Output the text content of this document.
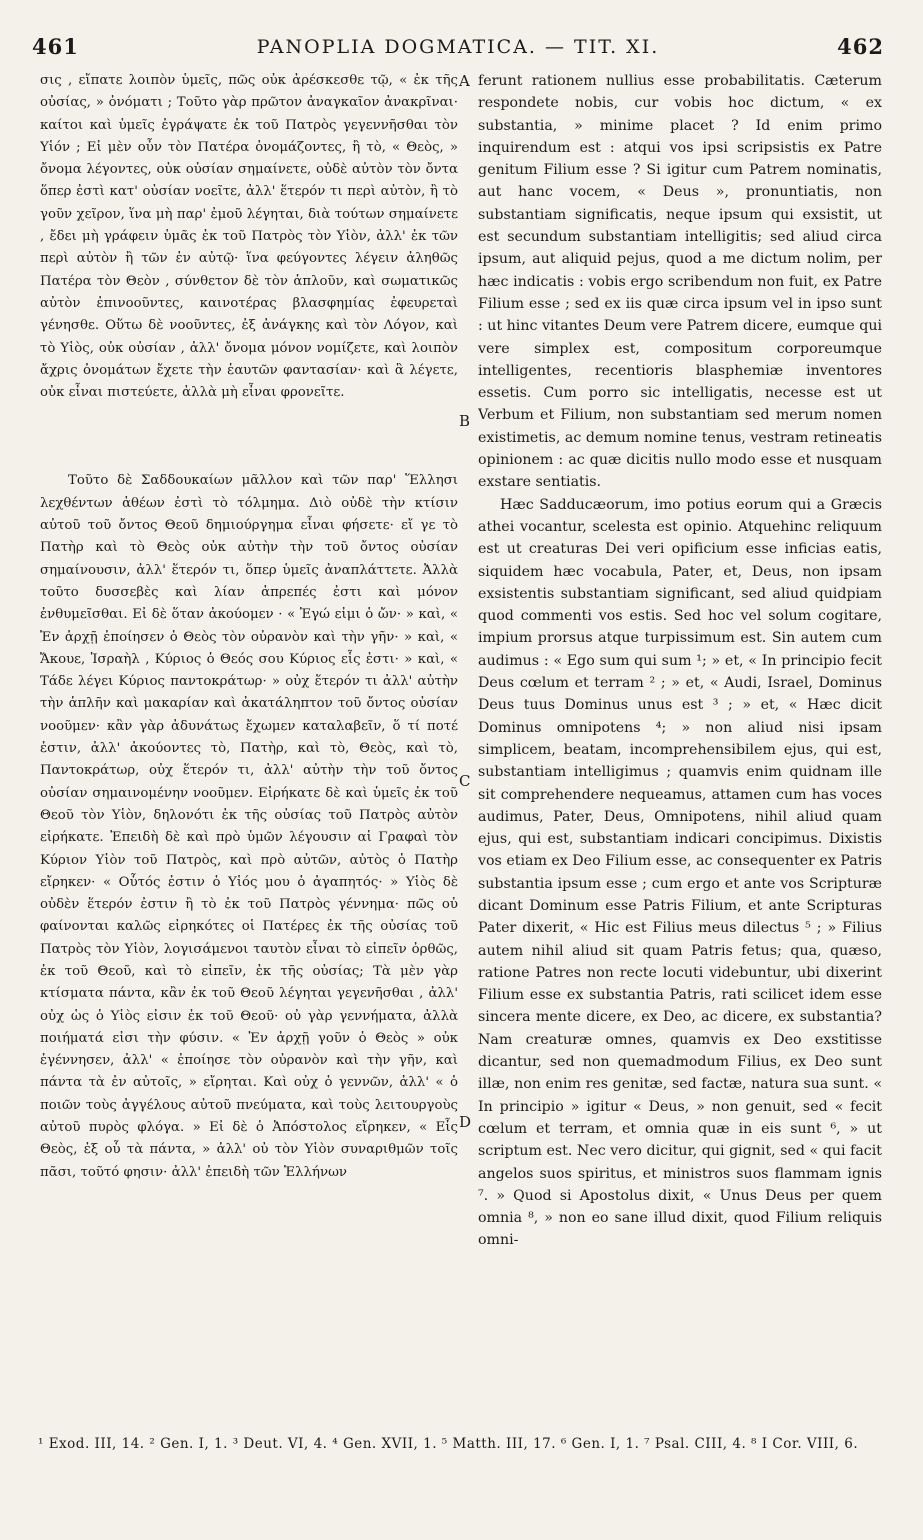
461	PANOPLIA DOGMATICA. — TIT. XI.	462

σις , εἴπατε λοιπὸν ὑμεῖς, πῶς οὐκ ἀρέσκεσθε τῷ, « ἐκ τῆς οὐσίας, » ὀνόματι ; Τοῦτο γὰρ πρῶτον ἀναγκαῖον ἀνακρῖναι· καίτοι καὶ ὑμεῖς ἐγράψατε ἐκ τοῦ Πατρὸς γεγεννῆσθαι τὸν Υἱόν ; Εἰ μὲν οὖν τὸν Πατέρα ὀνομάζοντες, ἢ τὸ, « Θεὸς, » ὄνομα λέγοντες, οὐκ οὐσίαν σημαίνετε, οὐδὲ αὐτὸν τὸν ὄντα ὅπερ ἐστὶ κατ' οὐσίαν νοεῖτε, ἀλλ' ἕτερόν τι περὶ αὐτὸν, ἢ τὸ γοῦν χεῖρον, ἵνα μὴ παρ' ἐμοῦ λέγηται, διὰ τούτων σημαίνετε , ἔδει μὴ γράφειν ὑμᾶς ἐκ τοῦ Πατρὸς τὸν Υἱὸν, ἀλλ' ἐκ τῶν περὶ αὐτὸν ἢ τῶν ἐν αὐτῷ· ἵνα φεύγοντες λέγειν ἀληθῶς Πατέρα τὸν Θεὸν , σύνθετον δὲ τὸν ἁπλοῦν, καὶ σωματικῶς αὐτὸν ἐπινοοῦντες, καινοτέρας βλασφημίας ἐφευρεταὶ γένησθε. Οὕτω δὲ νοοῦντες, ἐξ ἀνάγκης καὶ τὸν Λόγον, καὶ τὸ Υἱὸς, οὐκ οὐσίαν , ἀλλ' ὄνομα μόνον νομίζετε, καὶ λοιπὸν ἄχρις ὀνομάτων ἔχετε τὴν ἑαυτῶν φαντασίαν· καὶ ἃ λέγετε, οὐκ εἶναι πιστεύετε, ἀλλὰ μὴ εἶναι φρονεῖτε.

Τοῦτο δὲ Σαδδουκαίων μᾶλλον καὶ τῶν παρ' Ἕλλησι λεχθέντων ἀθέων ἐστὶ τὸ τόλμημα. Διὸ οὐδὲ τὴν κτίσιν αὐτοῦ τοῦ ὄντος Θεοῦ δημιούργημα εἶναι φήσετε· εἴ γε τὸ Πατὴρ καὶ τὸ Θεὸς οὐκ αὐτὴν τὴν τοῦ ὄντος οὐσίαν σημαίνουσιν, ἀλλ' ἕτερόν τι, ὅπερ ὑμεῖς ἀναπλάττετε. Ἀλλὰ τοῦτο δυσσεβὲς καὶ λίαν ἀπρεπές ἐστι καὶ μόνον ἐνθυμεῖσθαι. Εἰ δὲ ὅταν ἀκούομεν · « Ἐγώ εἰμι ὁ ὤν· » καὶ, « Ἐν ἀρχῇ ἐποίησεν ὁ Θεὸς τὸν οὐρανὸν καὶ τὴν γῆν· » καὶ, « Ἄκουε, Ἰσραὴλ , Κύριος ὁ Θεός σου Κύριος εἷς ἐστι· » καὶ, « Τάδε λέγει Κύριος παντοκράτωρ· » οὐχ ἕτερόν τι ἀλλ' αὐτὴν τὴν ἁπλῆν καὶ μακαρίαν καὶ ἀκατάληπτον τοῦ ὄντος οὐσίαν νοοῦμεν· κἂν γὰρ ἀδυνάτως ἔχωμεν καταλαβεῖν, ὅ τί ποτέ ἐστιν, ἀλλ' ἀκούοντες τὸ, Πατὴρ, καὶ τὸ, Θεὸς, καὶ τὸ, Παντοκράτωρ, οὐχ ἕτερόν τι, ἀλλ' αὐτὴν τὴν τοῦ ὄντος οὐσίαν σημαινομένην νοοῦμεν. Εἰρήκατε δὲ καὶ ὑμεῖς ἐκ τοῦ Θεοῦ τὸν Υἱὸν, δηλονότι ἐκ τῆς οὐσίας τοῦ Πατρὸς αὐτὸν εἰρήκατε. Ἐπειδὴ δὲ καὶ πρὸ ὑμῶν λέγουσιν αἱ Γραφαὶ τὸν Κύριον Υἱὸν τοῦ Πατρὸς, καὶ πρὸ αὐτῶν, αὐτὸς ὁ Πατὴρ εἴρηκεν· « Οὗτός ἐστιν ὁ Υἱός μου ὁ ἀγαπητός· » Υἱὸς δὲ οὐδὲν ἕτερόν ἐστιν ἢ τὸ ἐκ τοῦ Πατρὸς γέννημα· πῶς οὐ φαίνονται καλῶς εἰρηκότες οἱ Πατέρες ἐκ τῆς οὐσίας τοῦ Πατρὸς τὸν Υἱὸν, λογισάμενοι ταυτὸν εἶναι τὸ εἰπεῖν ὀρθῶς, ἐκ τοῦ Θεοῦ, καὶ τὸ εἰπεῖν, ἐκ τῆς οὐσίας; Τὰ μὲν γὰρ κτίσματα πάντα, κἂν ἐκ τοῦ Θεοῦ λέγηται γεγενῆσθαι , ἀλλ' οὐχ ὡς ὁ Υἱὸς εἰσιν ἐκ τοῦ Θεοῦ· οὐ γὰρ γεννήματα, ἀλλὰ ποιήματά εἰσι τὴν φύσιν. « Ἐν ἀρχῇ γοῦν ὁ Θεὸς » οὐκ ἐγέννησεν, ἀλλ' « ἐποίησε τὸν οὐρανὸν καὶ τὴν γῆν, καὶ πάντα τὰ ἐν αὐτοῖς, » εἴρηται. Καὶ οὐχ ὁ γεννῶν, ἀλλ' « ὁ ποιῶν τοὺς ἀγγέλους αὐτοῦ πνεύματα, καὶ τοὺς λειτουργοὺς αὐτοῦ πυρὸς φλόγα. » Εἰ δὲ ὁ Ἀπόστολος εἴρηκεν, « Εἷς Θεὸς, ἐξ οὗ τὰ πάντα, » ἀλλ' οὐ τὸν Υἱὸν συναριθμῶν τοῖς πᾶσι, τοῦτό φησιν· ἀλλ' ἐπειδὴ τῶν Ἑλλήνων

A
B
C
D

ferunt rationem nullius esse probabilitatis. Cæterum respondete nobis, cur vobis hoc dictum, « ex substantia, » minime placet ? Id enim primo inquirendum est : atqui vos ipsi scripsistis ex Patre genitum Filium esse ? Si igitur cum Patrem nominatis, aut hanc vocem, « Deus », pronuntiatis, non substantiam significatis, neque ipsum qui exsistit, ut est secundum substantiam intelligitis; sed aliud circa ipsum, aut aliquid pejus, quod a me dictum nolim, per hæc indicatis : vobis ergo scribendum non fuit, ex Patre Filium esse ; sed ex iis quæ circa ipsum vel in ipso sunt : ut hinc vitantes Deum vere Patrem dicere, eumque qui vere simplex est, compositum corporeumque intelligentes, recentioris blasphemiæ inventores essetis. Cum porro sic intelligatis, necesse est ut Verbum et Filium, non substantiam sed merum nomen existimetis, ac demum nomine tenus, vestram retineatis opinionem : ac quæ dicitis nullo modo esse et nusquam exstare sentiatis.

Hæc Sadducæorum, imo potius eorum qui a Græcis athei vocantur, scelesta est opinio. Atquehinc reliquum est ut creaturas Dei veri opificium esse inficias eatis, siquidem hæc vocabula, Pater, et, Deus, non ipsam exsistentis substantiam significant, sed aliud quidpiam quod commenti vos estis. Sed hoc vel solum cogitare, impium prorsus atque turpissimum est. Sin autem cum audimus : « Ego sum qui sum ¹; » et, « In principio fecit Deus cœlum et terram ² ; » et, « Audi, Israel, Dominus Deus tuus Dominus unus est ³ ; » et, « Hæc dicit Dominus omnipotens ⁴; » non aliud nisi ipsam simplicem, beatam, incomprehensibilem ejus, qui est, substantiam intelligimus ; quamvis enim quidnam ille sit comprehendere nequeamus, attamen cum has voces audimus, Pater, Deus, Omnipotens, nihil aliud quam ejus, qui est, substantiam indicari concipimus. Dixistis vos etiam ex Deo Filium esse, ac consequenter ex Patris substantia ipsum esse ; cum ergo et ante vos Scripturæ dicant Dominum esse Patris Filium, et ante Scripturas Pater dixerit, « Hic est Filius meus dilectus ⁵ ; » Filius autem nihil aliud sit quam Patris fetus; qua, quæso, ratione Patres non recte locuti videbuntur, ubi dixerint Filium esse ex substantia Patris, rati scilicet idem esse sincera mente dicere, ex Deo, ac dicere, ex substantia? Nam creaturæ omnes, quamvis ex Deo exstitisse dicantur, sed non quemadmodum Filius, ex Deo sunt illæ, non enim res genitæ, sed factæ, natura sua sunt. « In principio » igitur « Deus, » non genuit, sed « fecit cœlum et terram, et omnia quæ in eis sunt ⁶, » ut scriptum est. Nec vero dicitur, qui gignit, sed « qui facit angelos suos spiritus, et ministros suos flammam ignis ⁷. » Quod si Apostolus dixit, « Unus Deus per quem omnia ⁸, » non eo sane illud dixit, quod Filium reliquis omni-

¹ Exod. III, 14. ² Gen. I, 1. ³ Deut. VI, 4. ⁴ Gen. XVII, 1. ⁵ Matth. III, 17. ⁶ Gen. I, 1. ⁷ Psal. CIII, 4. ⁸ I Cor. VIII, 6.
